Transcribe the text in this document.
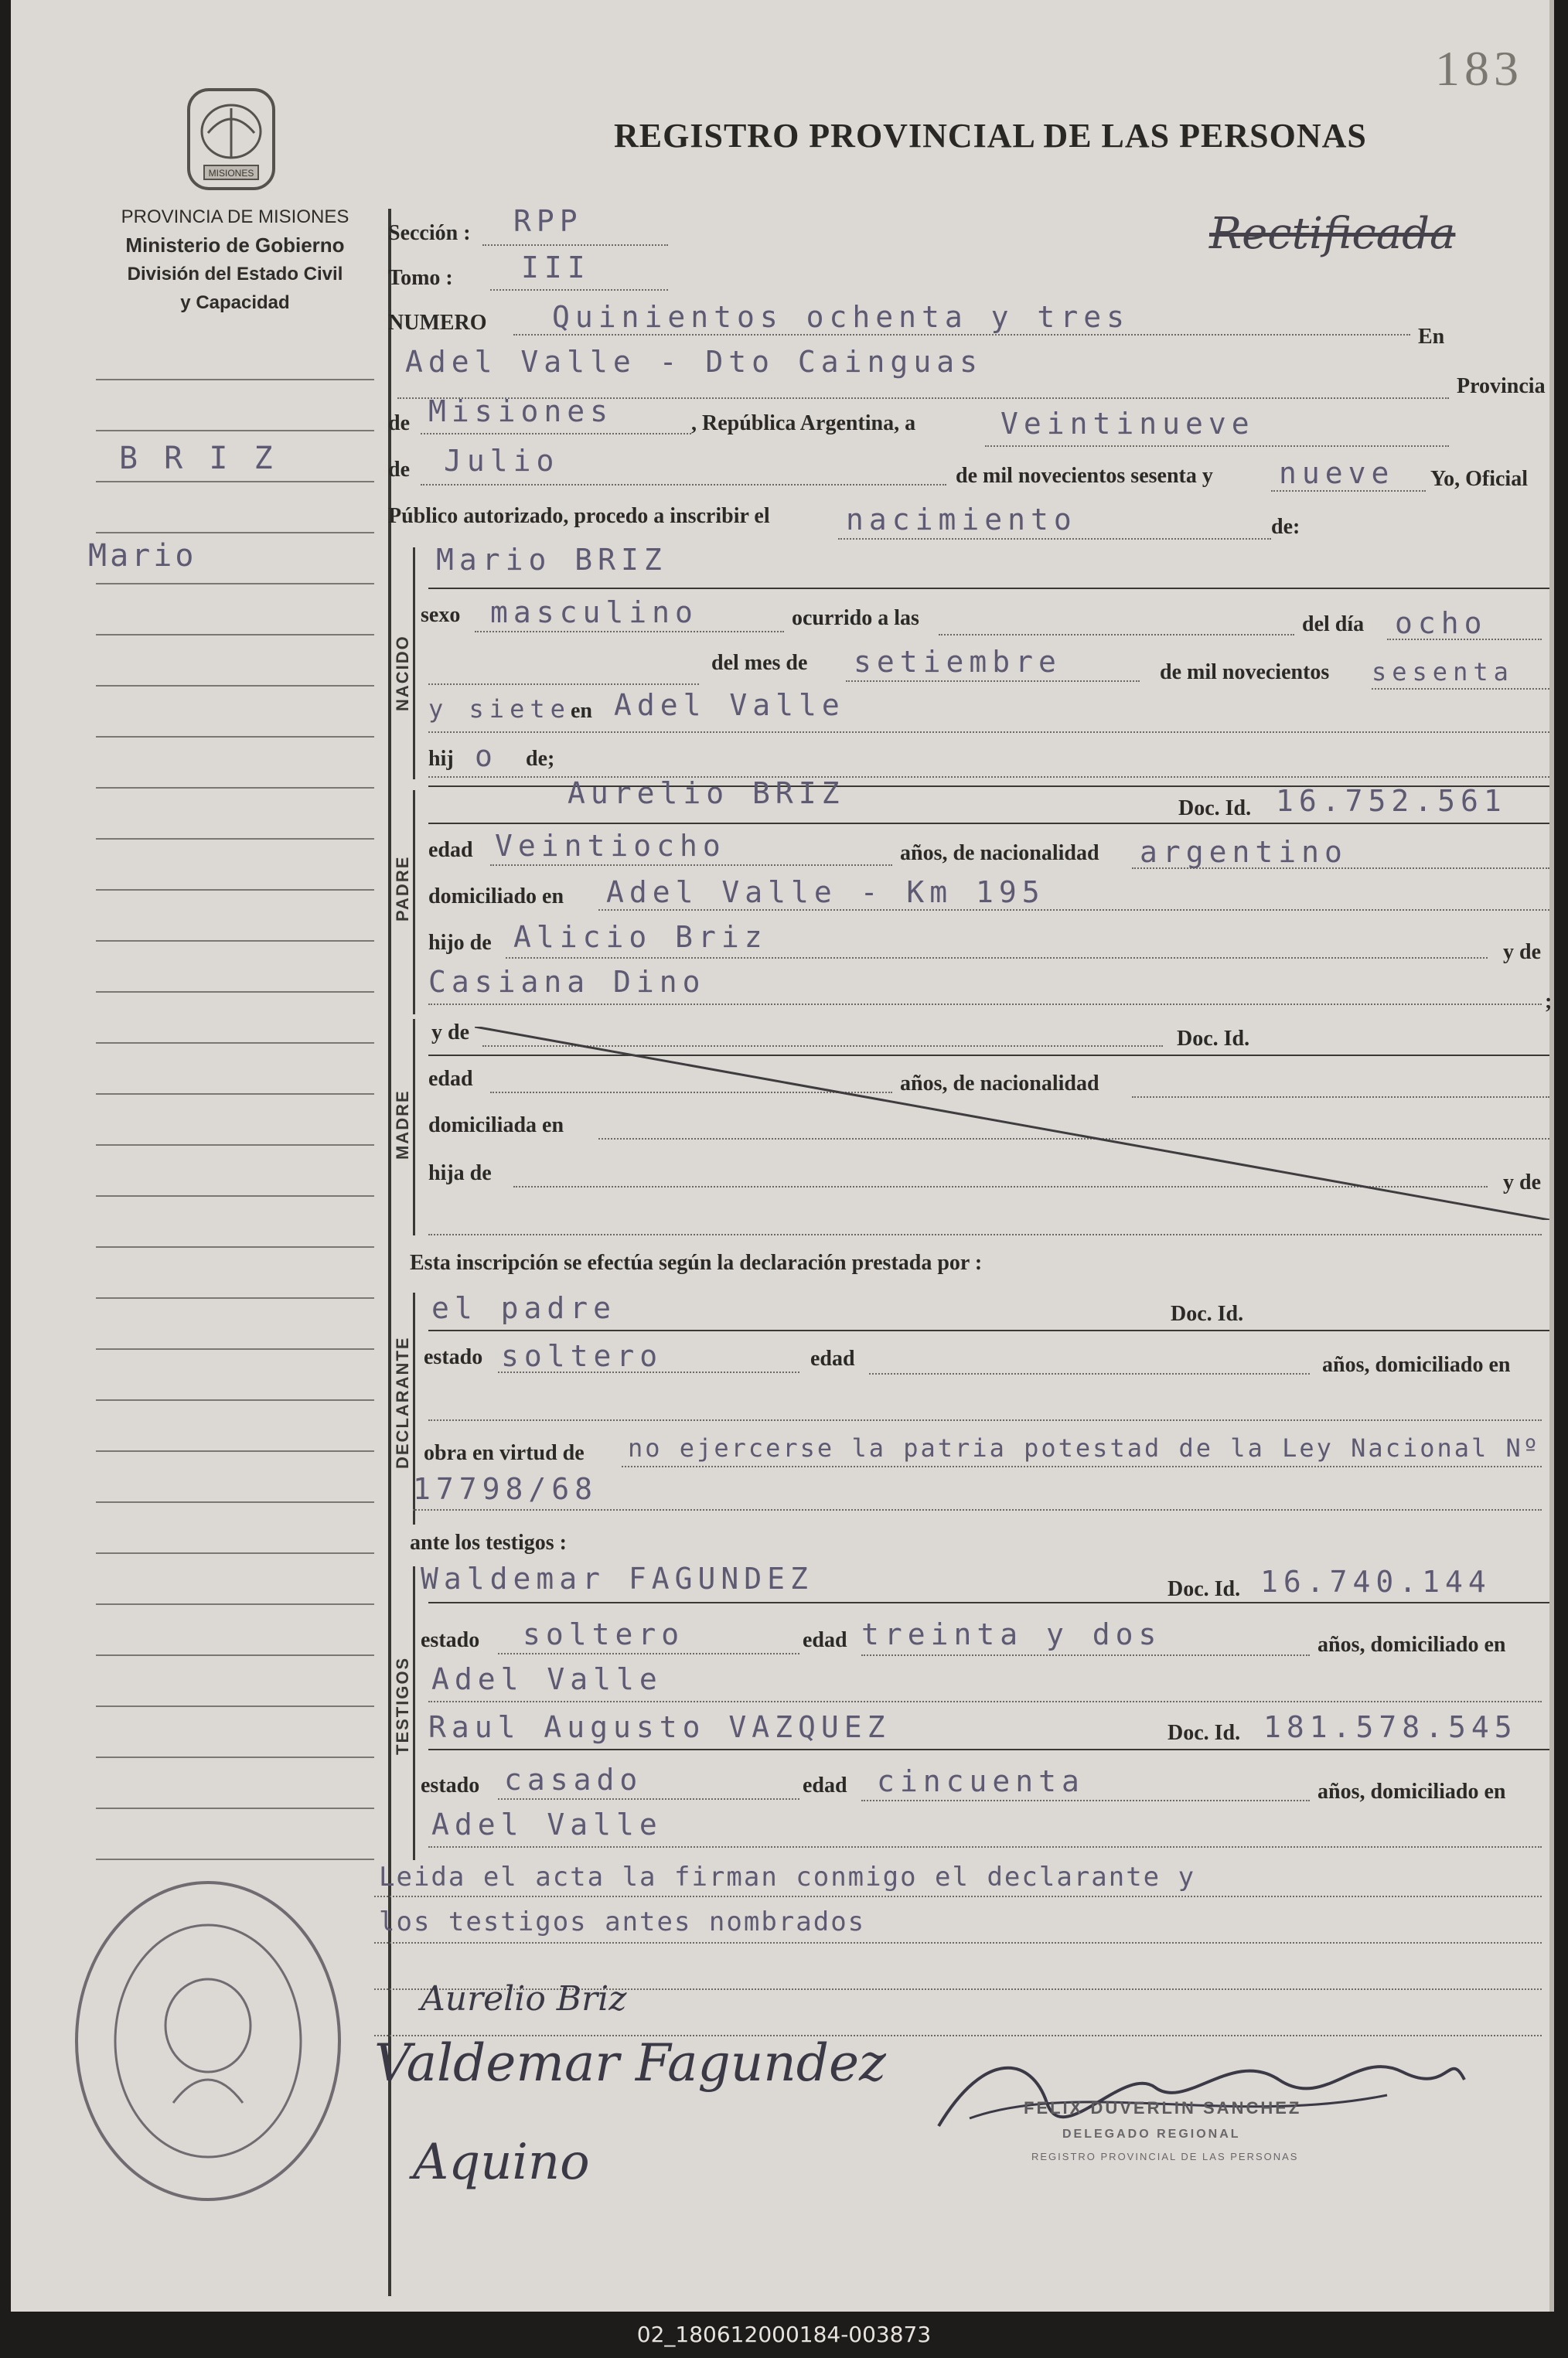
183
MISIONES
REGISTRO PROVINCIAL DE LAS PERSONAS
PROVINCIA DE MISIONES
Ministerio de Gobierno
División del Estado Civil
y Capacidad
B R I Z
Mario
Rectificada
Sección : RPP
Tomo : III
NUMERO Quinientos ochenta y tres
En
Adel Valle - Dto Cainguas
Provincia
de Misiones	, República Argentina, a	Veintinueve
de Julio	de mil novecientos sesenta y nueve Yo, Oficial
Público autorizado, procedo a inscribir el	nacimiento	de:
NACIDO
Mario BRIZ
sexo masculino	ocurrido a las	del día ocho
del mes de setiembre	de mil novecientos sesenta
y siete en Adel Valle
hij o de;
PADRE
Aurelio BRIZ	Doc. Id. 16.752.561
edad Veintiocho	años, de nacionalidad argentino
domiciliado en Adel Valle - Km 195
hijo de Alicio Briz	y de
Casiana Dino
;
MADRE
y de	Doc. Id.
edad	años, de nacionalidad
domiciliada en
hija de	y de
Esta inscripción se efectúa según la declaración prestada por :
DECLARANTE
el padre	Doc. Id.
estado soltero	edad	años, domiciliado en
obra en virtud de no ejercerse la patria potestad de la Ley Nacional Nº
17798/68
ante los testigos :
TESTIGOS
Waldemar FAGUNDEZ	Doc. Id. 16.740.144
estado soltero	edad treinta y dos	años, domiciliado en
Adel Valle
Raul Augusto VAZQUEZ	Doc. Id. 181.578.545
estado casado	edad cincuenta	años, domiciliado en
Adel Valle
Leida el acta la firman conmigo el declarante y
los testigos antes nombrados
Aurelio Briz
Valdemar Fagundez
Aquino
FELIX DUVERLIN SANCHEZ
DELEGADO REGIONAL
REGISTRO PROVINCIAL DE LAS PERSONAS
02_180612000184-003873
